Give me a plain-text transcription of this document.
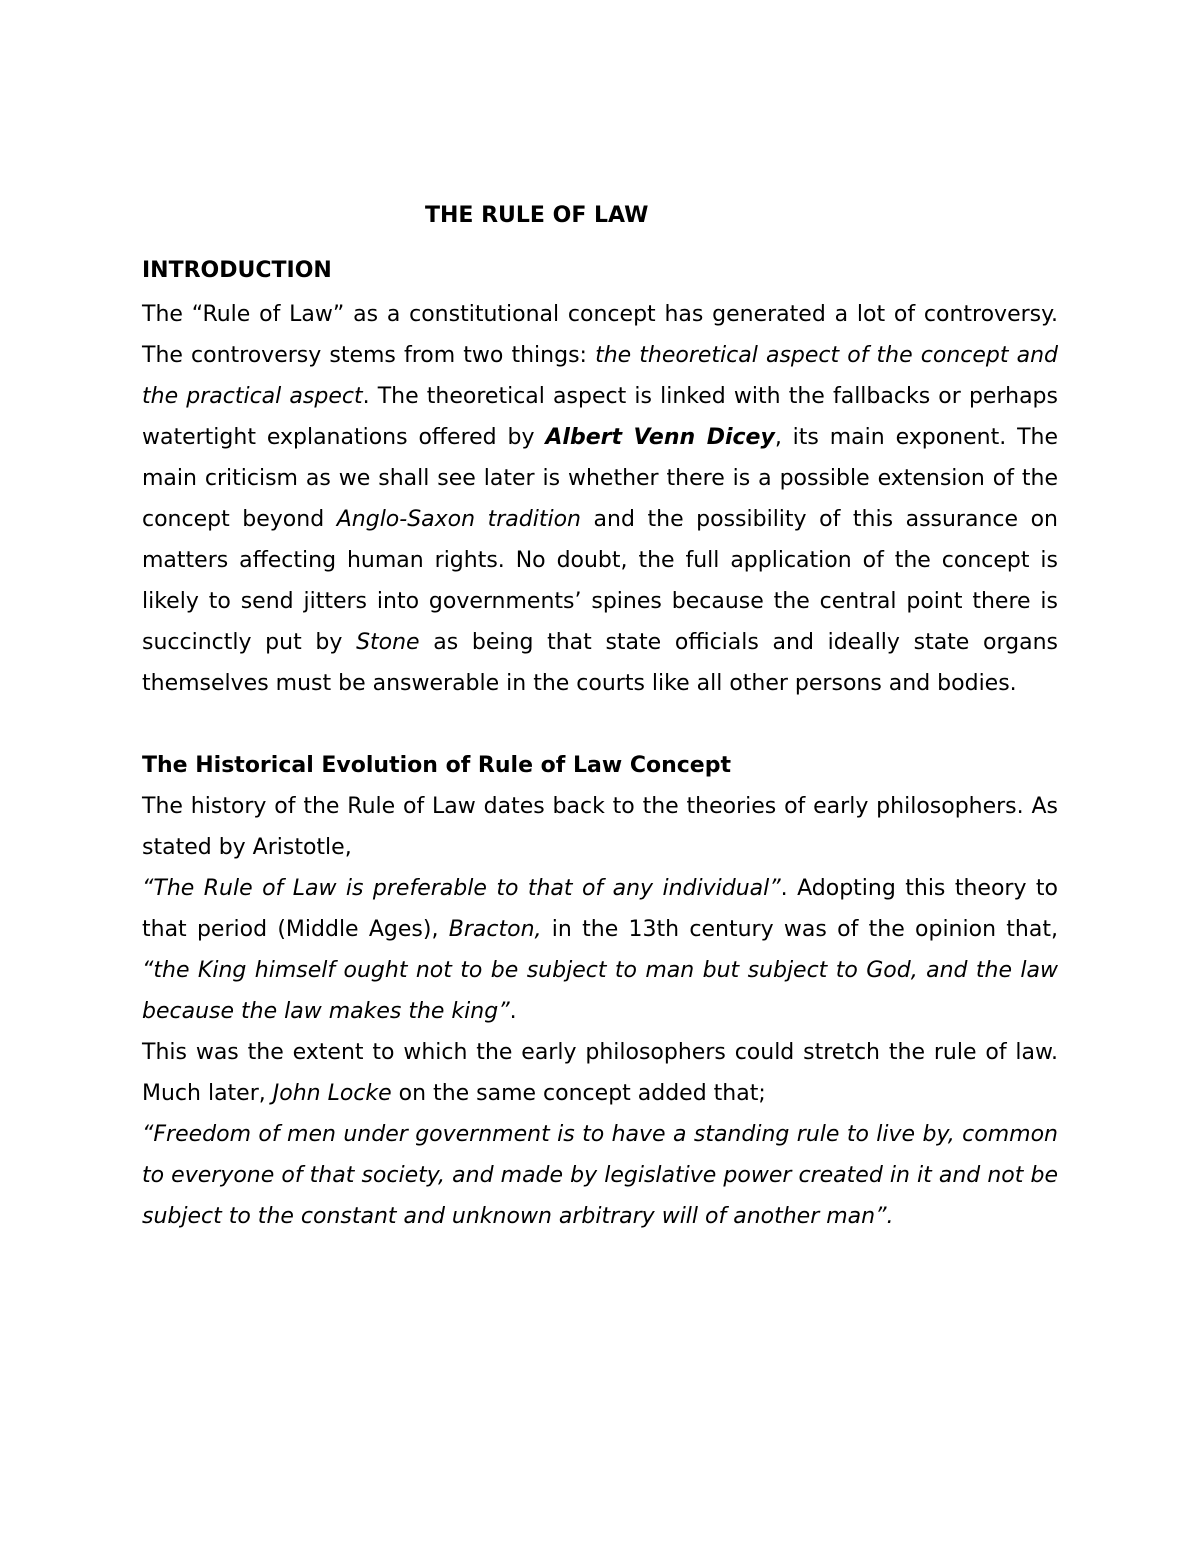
THE RULE OF LAW

INTRODUCTION

The “Rule of Law” as a constitutional concept has generated a lot of controversy. The controversy stems from two things: the theoretical aspect of the concept and the practical aspect. The theoretical aspect is linked with the fallbacks or perhaps watertight explanations offered by Albert Venn Dicey, its main exponent. The main criticism as we shall see later is whether there is a possible extension of the concept beyond Anglo-Saxon tradition and the possibility of this assurance on matters affecting human rights. No doubt, the full application of the concept is likely to send jitters into governments’ spines because the central point there is succinctly put by Stone as being that state officials and ideally state organs themselves must be answerable in the courts like all other persons and bodies.

The Historical Evolution of Rule of Law Concept

The history of the Rule of Law dates back to the theories of early philosophers. As stated by Aristotle,

“The Rule of Law is preferable to that of any individual”. Adopting this theory to that period (Middle Ages), Bracton, in the 13th century was of the opinion that, “the King himself ought not to be subject to man but subject to God, and the law because the law makes the king”.

This was the extent to which the early philosophers could stretch the rule of law. Much later, John Locke on the same concept added that;

“Freedom of men under government is to have a standing rule to live by, common to everyone of that society, and made by legislative power created in it and not be subject to the constant and unknown arbitrary will of another man”.
